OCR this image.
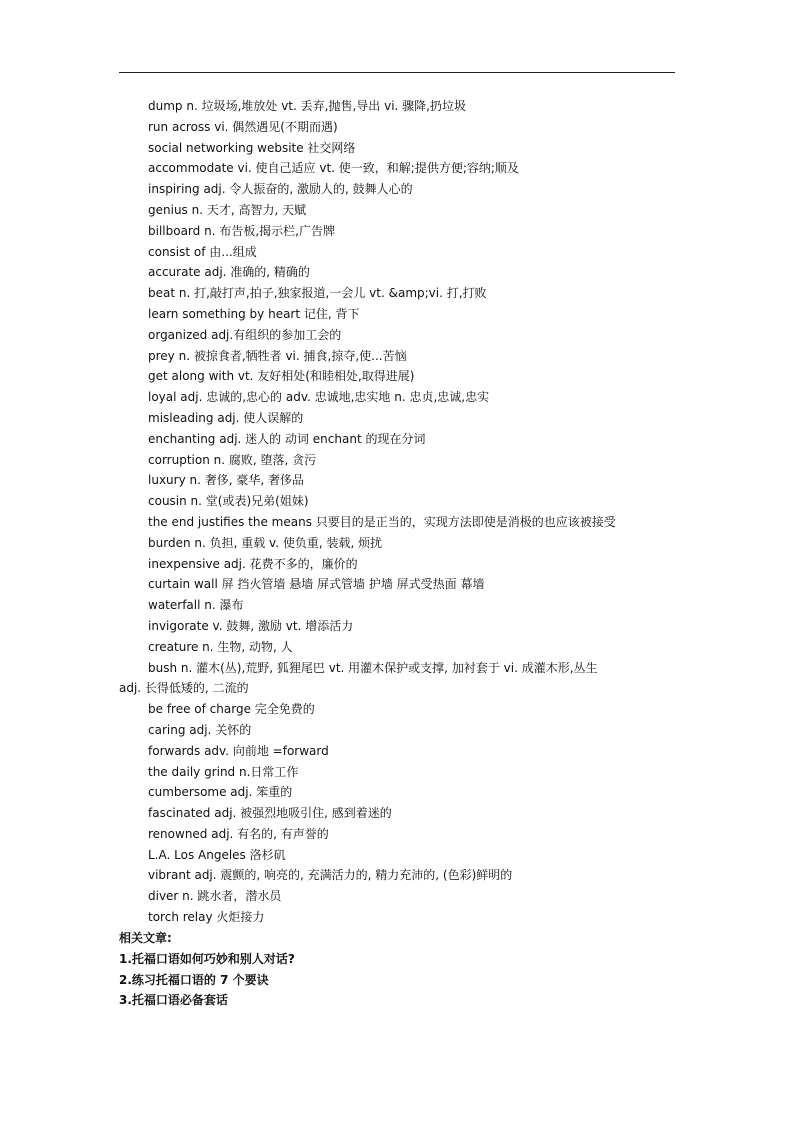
dump n. 垃圾场,堆放处 vt. 丢弃,抛售,导出 vi. 骤降,扔垃圾
run across vi. 偶然遇见(不期而遇)
social networking website 社交网络
accommodate vi. 使自己适应 vt. 使一致，和解;提供方便;容纳;顺及
inspiring adj. 令人振奋的, 激励人的, 鼓舞人心的
genius n. 天才, 高智力, 天赋
billboard n. 布告板,揭示栏,广告牌
consist of 由...组成
accurate adj. 准确的, 精确的
beat n. 打,敲打声,拍子,独家报道,一会儿 vt. &amp;vi. 打,打败
learn something by heart 记住, 背下
organized adj.有组织的参加工会的
prey n. 被掠食者,牺牲者 vi. 捕食,掠夺,使...苦恼
get along with vt. 友好相处(和睦相处,取得进展)
loyal adj. 忠诚的,忠心的 adv. 忠诚地,忠实地 n. 忠贞,忠诚,忠实
misleading adj. 使人误解的
enchanting adj. 迷人的 动词 enchant 的现在分词
corruption n. 腐败, 堕落, 贪污
luxury n. 奢侈, 豪华, 奢侈品
cousin n. 堂(或表)兄弟(姐妹)
the end justifies the means 只要目的是正当的，实现方法即使是消极的也应该被接受
burden n. 负担, 重载 v. 使负重, 装载, 烦扰
inexpensive adj. 花费不多的，廉价的
curtain wall 屏 挡火管墙 悬墙 屏式管墙 护墙 屏式受热面 幕墙
waterfall n. 瀑布
invigorate v. 鼓舞, 激励 vt. 增添活力
creature n. 生物, 动物, 人
bush n. 灌木(丛),荒野, 狐狸尾巴 vt. 用灌木保护或支撑, 加衬套于 vi. 成灌木形,丛生
adj. 长得低矮的, 二流的
be free of charge 完全免费的
caring adj. 关怀的
forwards adv. 向前地 =forward
the daily grind n.日常工作
cumbersome adj. 笨重的
fascinated adj. 被强烈地吸引住, 感到着迷的
renowned adj. 有名的, 有声誉的
L.A. Los Angeles 洛杉矶
vibrant adj. 震颤的, 响亮的, 充满活力的, 精力充沛的, (色彩)鲜明的
diver n. 跳水者，潜水员
torch relay 火炬接力
相关文章:
1.托福口语如何巧妙和别人对话?
2.练习托福口语的 7 个要诀
3.托福口语必备套话
